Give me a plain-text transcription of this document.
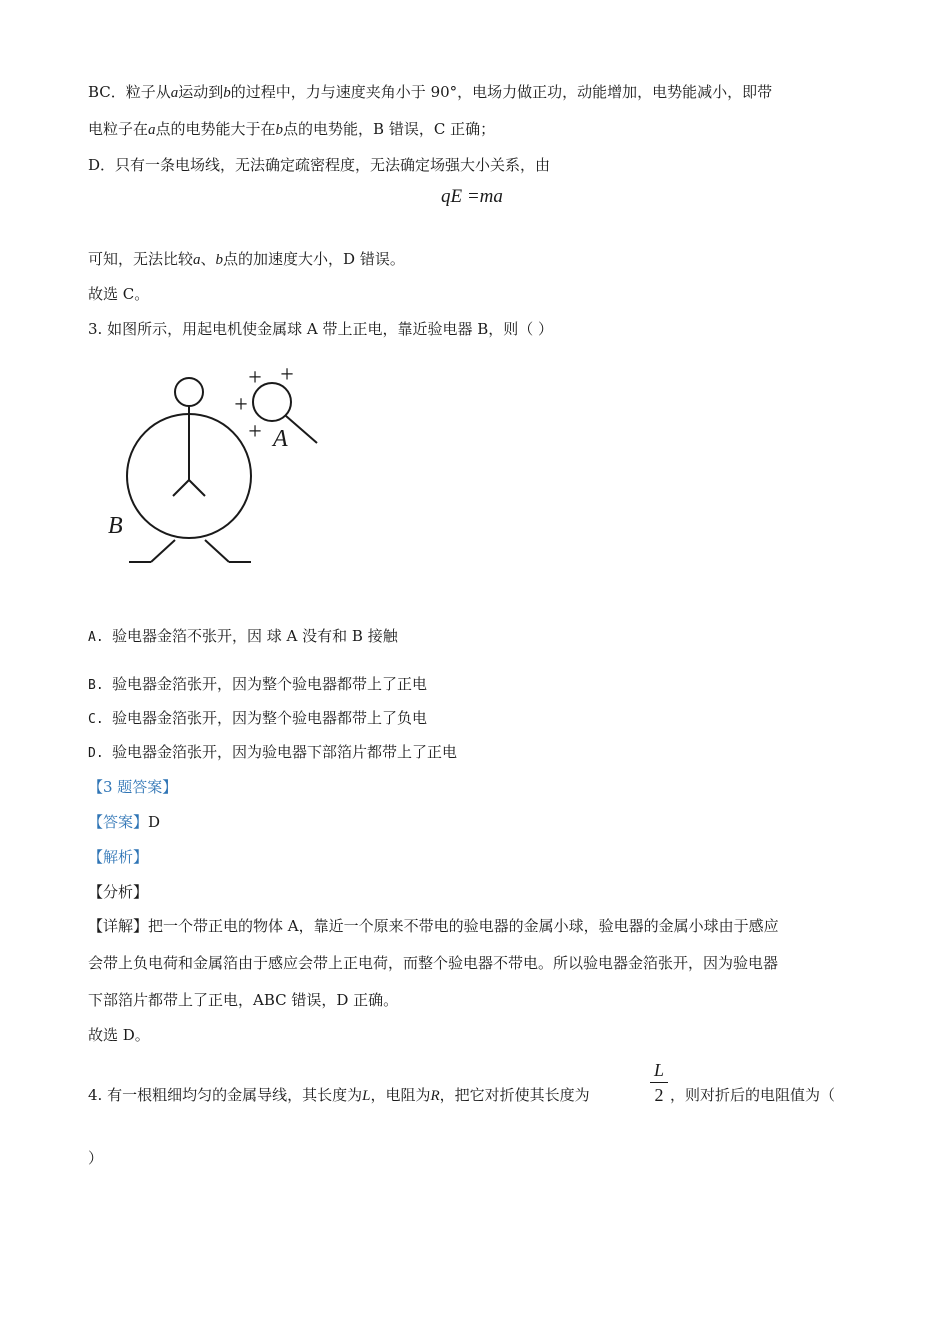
BC．粒子从a运动到b的过程中，力与速度夹角小于 90°，电场力做正功，动能增加，电势能减小，即带
电粒子在a点的电势能大于在b点的电势能，B 错误，C 正确；
D．只有一条电场线，无法确定疏密程度，无法确定场强大小关系，由
qE =ma
可知，无法比较a、b点的加速度大小，D 错误。
故选 C。
3. 如图所示，用起电机使金属球 A 带上正电，靠近验电器 B，则（ ）
+ +
+
+ A
B
A. 验电器金箔不张开，因 球 A 没有和 B 接触
B. 验电器金箔张开，因为整个验电器都带上了正电
C. 验电器金箔张开，因为整个验电器都带上了负电
D. 验电器金箔张开，因为验电器下部箔片都带上了正电
【3 题答案】
【答案】D
【解析】
【分析】
【详解】把一个带正电的物体 A，靠近一个原来不带电的验电器的金属小球，验电器的金属小球由于感应
会带上负电荷和金属箔由于感应会带上正电荷，而整个验电器不带电。所以验电器金箔张开，因为验电器
下部箔片都带上了正电，ABC 错误，D 正确。
故选 D。
4. 有一根粗细均匀的金属导线，其长度为L，电阻为R，把它对折使其长度为
L
2 ，则对折后的电阻值为（
）
